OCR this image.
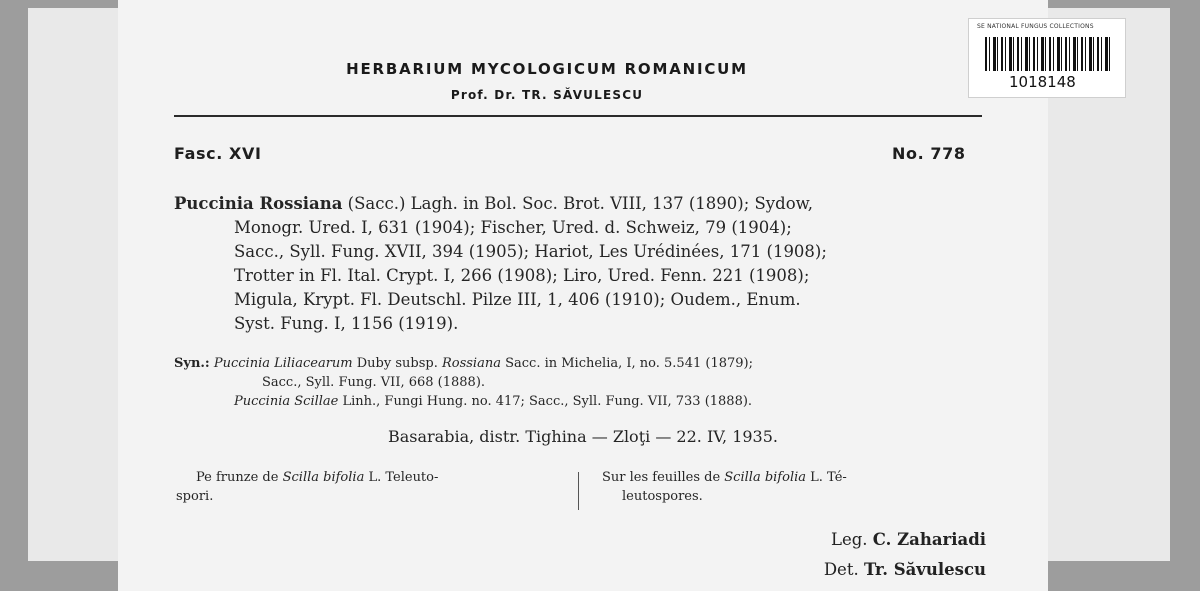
HERBARIUM MYCOLOGICUM ROMANICUM
Prof. Dr. TR. SĂVULESCU
SE NATIONAL FUNGUS COLLECTIONS
1018148
Fasc. XVI	No. 778
Puccinia Rossiana (Sacc.) Lagh. in Bol. Soc. Brot. VIII, 137 (1890); Sydow,
Monogr. Ured. I, 631 (1904); Fischer, Ured. d. Schweiz, 79 (1904);
Sacc., Syll. Fung. XVII, 394 (1905); Hariot, Les Urédinées, 171 (1908);
Trotter in Fl. Ital. Crypt. I, 266 (1908); Liro, Ured. Fenn. 221 (1908);
Migula, Krypt. Fl. Deutschl. Pilze III, 1, 406 (1910); Oudem., Enum.
Syst. Fung. I, 1156 (1919).
Syn.: Puccinia Liliacearum Duby subsp. Rossiana Sacc. in Michelia, I, no. 5.541 (1879);
Sacc., Syll. Fung. VII, 668 (1888).
Puccinia Scillae Linh., Fungi Hung. no. 417; Sacc., Syll. Fung. VII, 733 (1888).
Basarabia, distr. Tighina — Zloţi — 22. IV, 1935.
Pe frunze de Scilla bifolia L. Teleuto-
spori.
Sur les feuilles de Scilla bifolia L. Té-
leutospores.
Leg. C. Zahariadi
Det. Tr. Săvulescu
